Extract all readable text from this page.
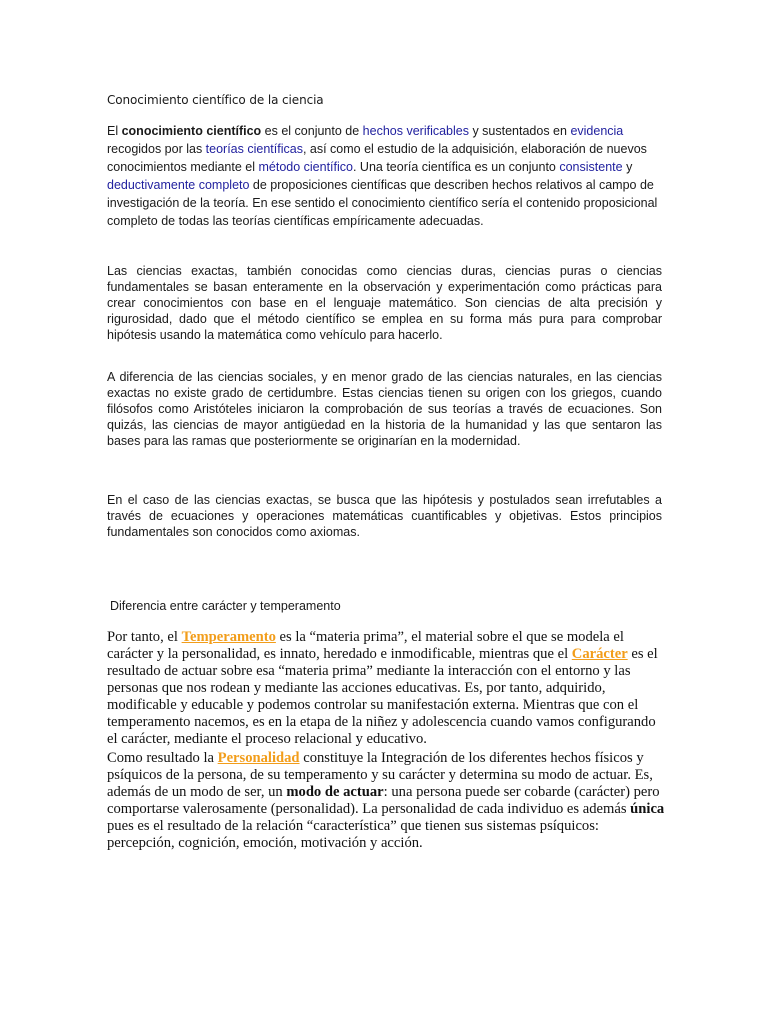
Conocimiento científico de la ciencia
El conocimiento científico es el conjunto de hechos verificables y sustentados en evidencia recogidos por las teorías científicas, así como el estudio de la adquisición, elaboración de nuevos conocimientos mediante el método científico. Una teoría científica es un conjunto consistente y deductivamente completo de proposiciones científicas que describen hechos relativos al campo de investigación de la teoría. En ese sentido el conocimiento científico sería el contenido proposicional completo de todas las teorías científicas empíricamente adecuadas.
Las ciencias exactas, también conocidas como ciencias duras, ciencias puras o ciencias fundamentales se basan enteramente en la observación y experimentación como prácticas para crear conocimientos con base en el lenguaje matemático. Son ciencias de alta precisión y rigurosidad, dado que el método científico se emplea en su forma más pura para comprobar hipótesis usando la matemática como vehículo para hacerlo.
A diferencia de las ciencias sociales, y en menor grado de las ciencias naturales, en las ciencias exactas no existe grado de certidumbre. Estas ciencias tienen su origen con los griegos, cuando filósofos como Aristóteles iniciaron la comprobación de sus teorías a través de ecuaciones. Son quizás, las ciencias de mayor antigüedad en la historia de la humanidad y las que sentaron las bases para las ramas que posteriormente se originarían en la modernidad.
En el caso de las ciencias exactas, se busca que las hipótesis y postulados sean irrefutables a través de ecuaciones y operaciones matemáticas cuantificables y objetivas. Estos principios fundamentales son conocidos como axiomas.
Diferencia entre carácter y temperamento
Por tanto, el Temperamento es la “materia prima”, el material sobre el que se modela el carácter y la personalidad, es innato, heredado e inmodificable, mientras que el Carácter es el resultado de actuar sobre esa “materia prima” mediante la interacción con el entorno y las personas que nos rodean y mediante las acciones educativas. Es, por tanto, adquirido, modificable y educable y podemos controlar su manifestación externa. Mientras que con el temperamento nacemos, es en la etapa de la niñez y adolescencia cuando vamos configurando el carácter, mediante el proceso relacional y educativo.
Como resultado la Personalidad constituye la Integración de los diferentes hechos físicos y psíquicos de la persona, de su temperamento y su carácter y determina su modo de actuar. Es, además de un modo de ser, un modo de actuar: una persona puede ser cobarde (carácter) pero comportarse valerosamente (personalidad). La personalidad de cada individuo es además única pues es el resultado de la relación “característica” que tienen sus sistemas psíquicos: percepción, cognición, emoción, motivación y acción.
